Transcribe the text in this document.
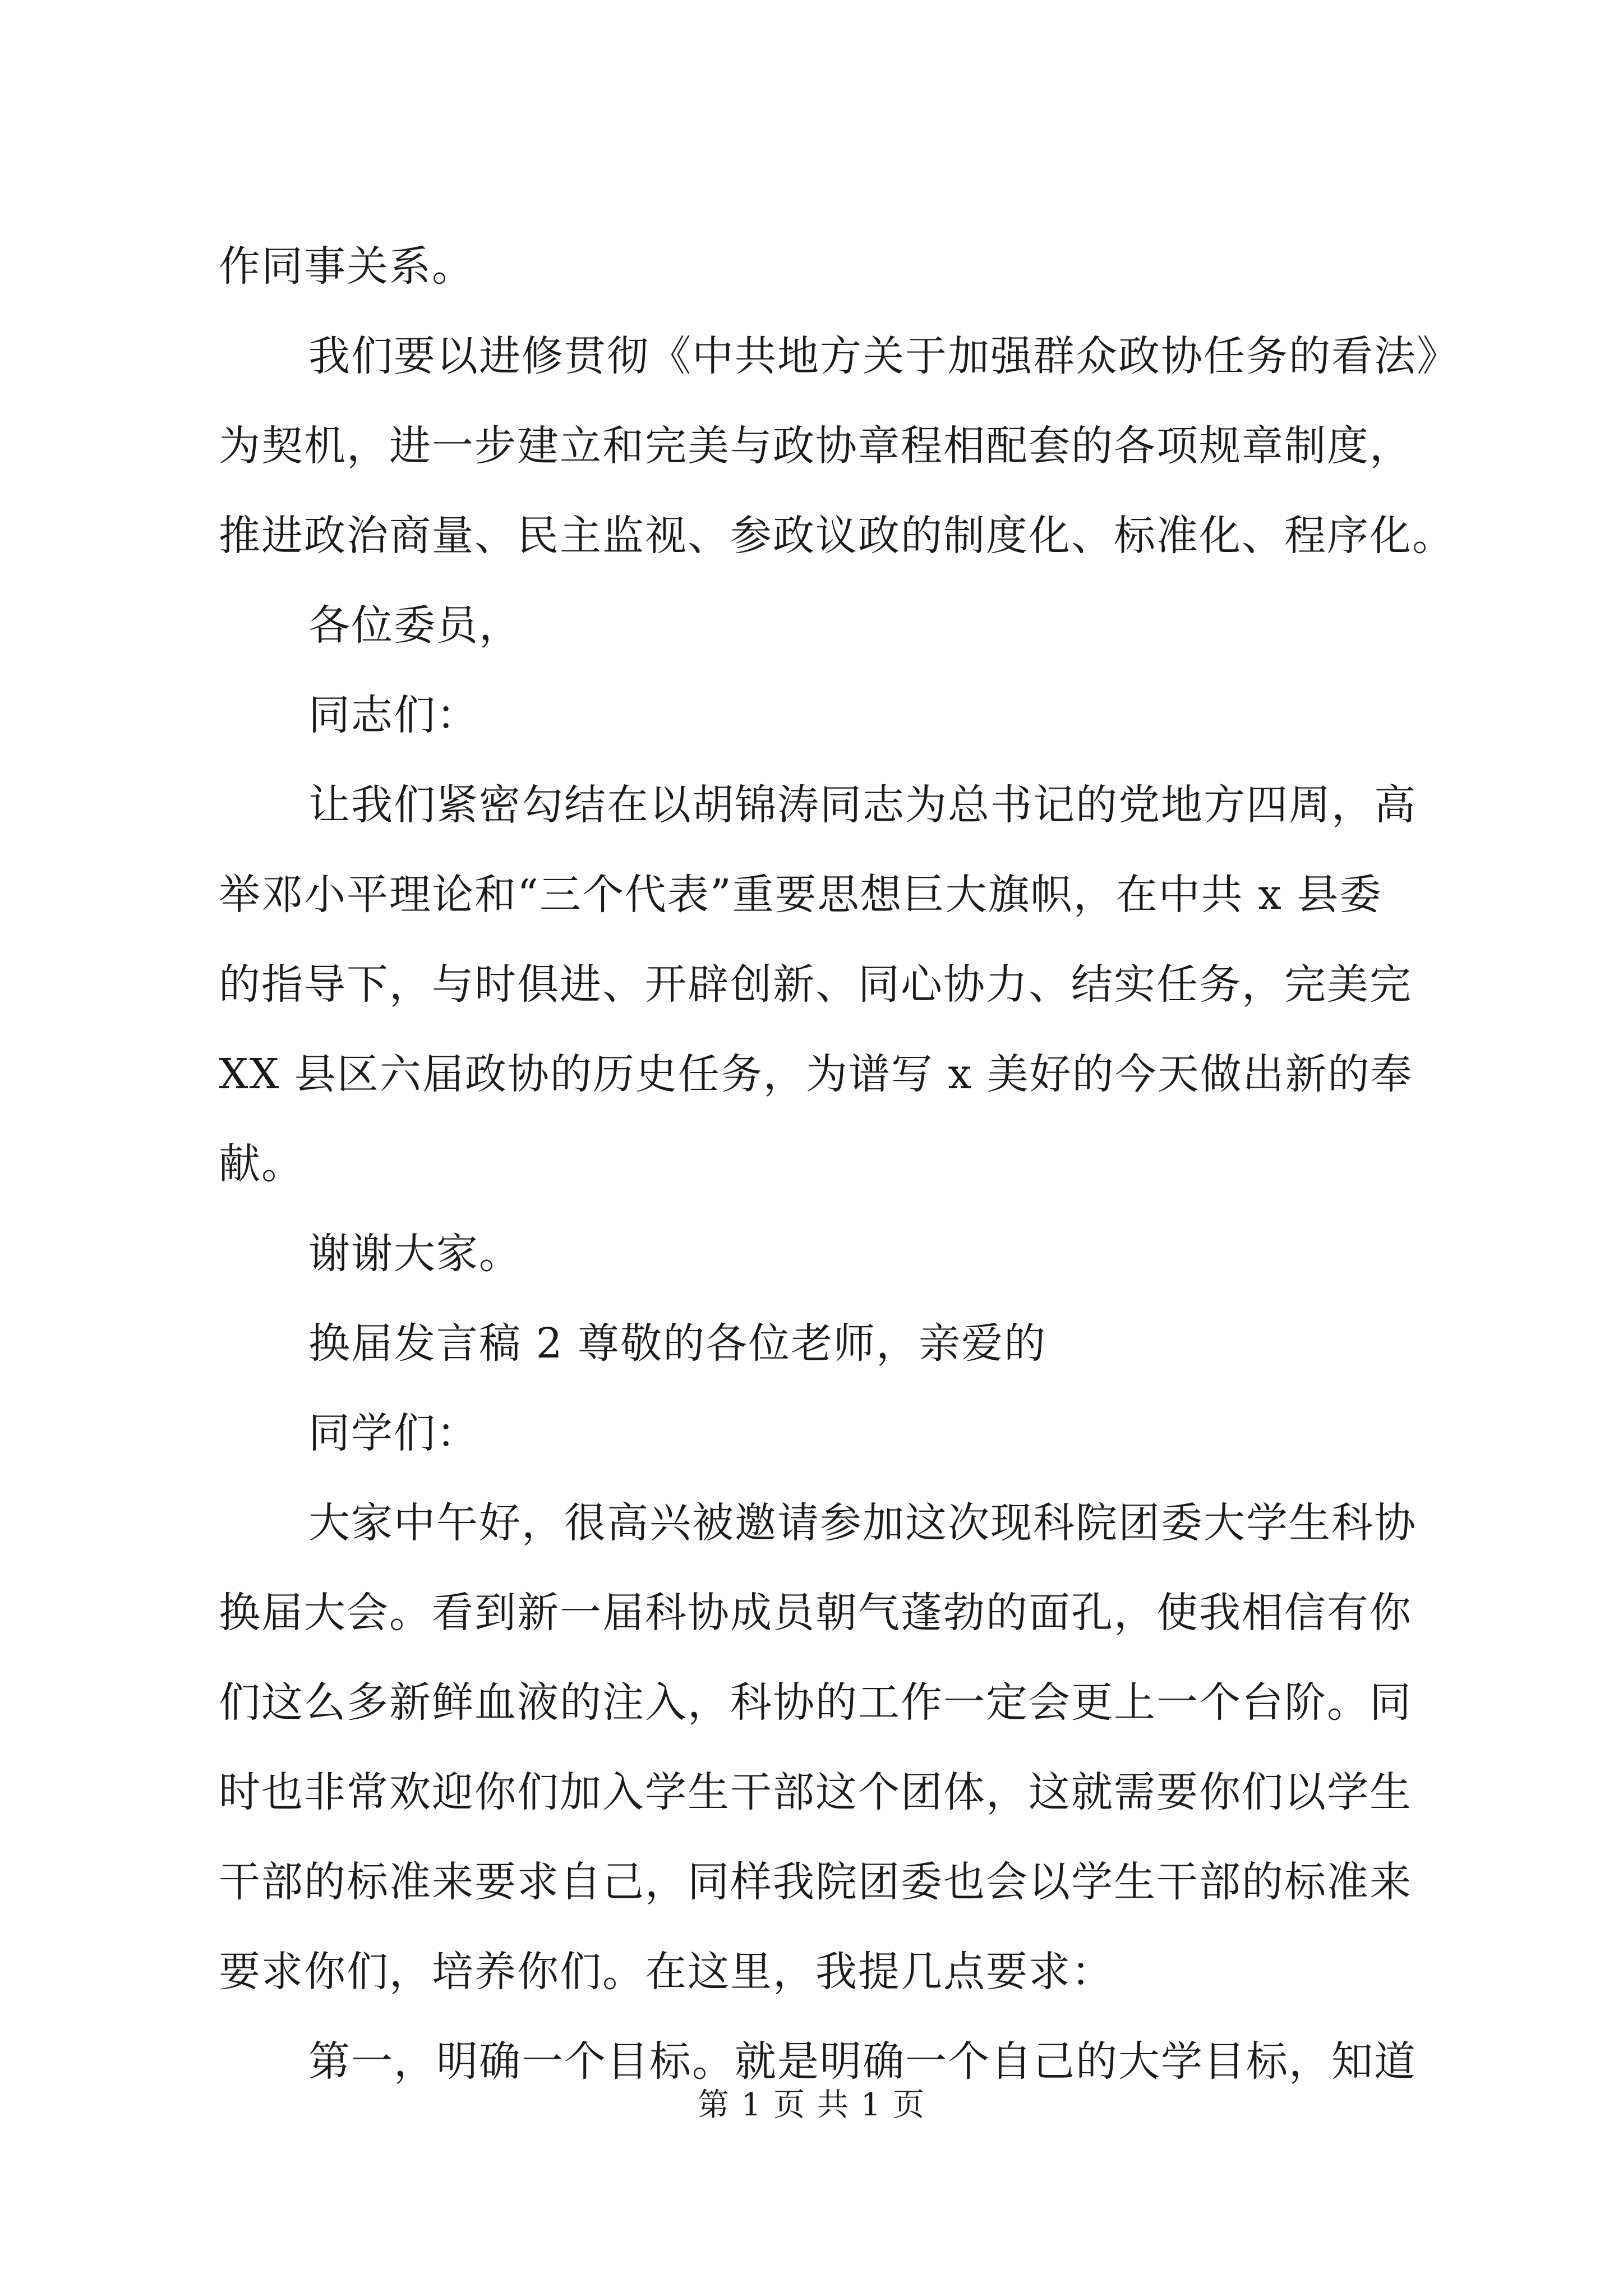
作同事关系。
我们要以进修贯彻《中共地方关于加强群众政协任务的看法》
为契机，进一步建立和完美与政协章程相配套的各项规章制度，
推进政治商量、民主监视、参政议政的制度化、标准化、程序化。
各位委员，
同志们：
让我们紧密勾结在以胡锦涛同志为总书记的党地方四周，高
举邓小平理论和“三个代表”重要思想巨大旗帜，在中共 x 县委
的指导下，与时俱进、开辟创新、同心协力、结实任务，完美完
XX 县区六届政协的历史任务，为谱写 x 美好的今天做出新的奉
献。
谢谢大家。
换届发言稿 2 尊敬的各位老师，亲爱的
同学们：
大家中午好，很高兴被邀请参加这次现科院团委大学生科协
换届大会。看到新一届科协成员朝气蓬勃的面孔，使我相信有你
们这么多新鲜血液的注入，科协的工作一定会更上一个台阶。同
时也非常欢迎你们加入学生干部这个团体，这就需要你们以学生
干部的标准来要求自己，同样我院团委也会以学生干部的标准来
要求你们，培养你们。在这里，我提几点要求：
第一，明确一个目标。就是明确一个自己的大学目标，知道
第 1 页 共 1 页
